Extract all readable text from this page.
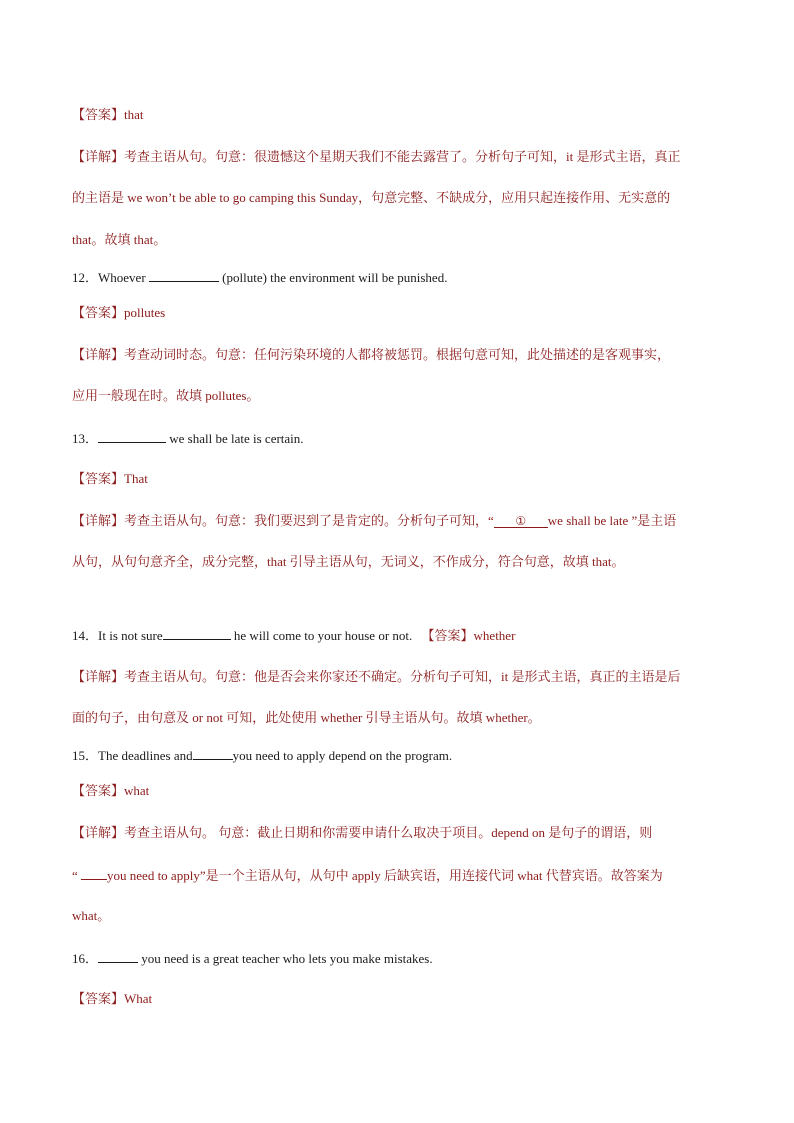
【答案】that
【详解】考查主语从句。句意：很遗憾这个星期天我们不能去露营了。分析句子可知，it 是形式主语，真正
的主语是 we won’t be able to go camping this Sunday，句意完整、不缺成分，应用只起连接作用、无实意的
that。故填 that。
12．Whoever	(pollute) the environment will be punished.
【答案】pollutes
【详解】考查动词时态。句意：任何污染环境的人都将被惩罚。根据句意可知，此处描述的是客观事实，
应用一般现在时。故填 pollutes。
13．	we shall be late is certain.
【答案】That
【详解】考查主语从句。句意：我们要迟到了是肯定的。分析句子可知，“ ① we shall be late ”是主语
从句，从句句意齐全，成分完整，that 引导主语从句，无词义，不作成分，符合句意，故填 that。
14．It is not sure	he will come to your house or not. 【答案】whether
【详解】考查主语从句。句意：他是否会来你家还不确定。分析句子可知，it 是形式主语，真正的主语是后
面的句子，由句意及 or not 可知，此处使用 whether 引导主语从句。故填 whether。
15．The deadlines and	you need to apply depend on the program.
【答案】what
【详解】考查主语从句。 句意：截止日期和你需要申请什么取决于项目。depend on 是句子的谓语，则
“ you need to apply”是一个主语从句，从句中 apply 后缺宾语，用连接代词 what 代替宾语。故答案为
what。
16．	you need is a great teacher who lets you make mistakes.
【答案】What
